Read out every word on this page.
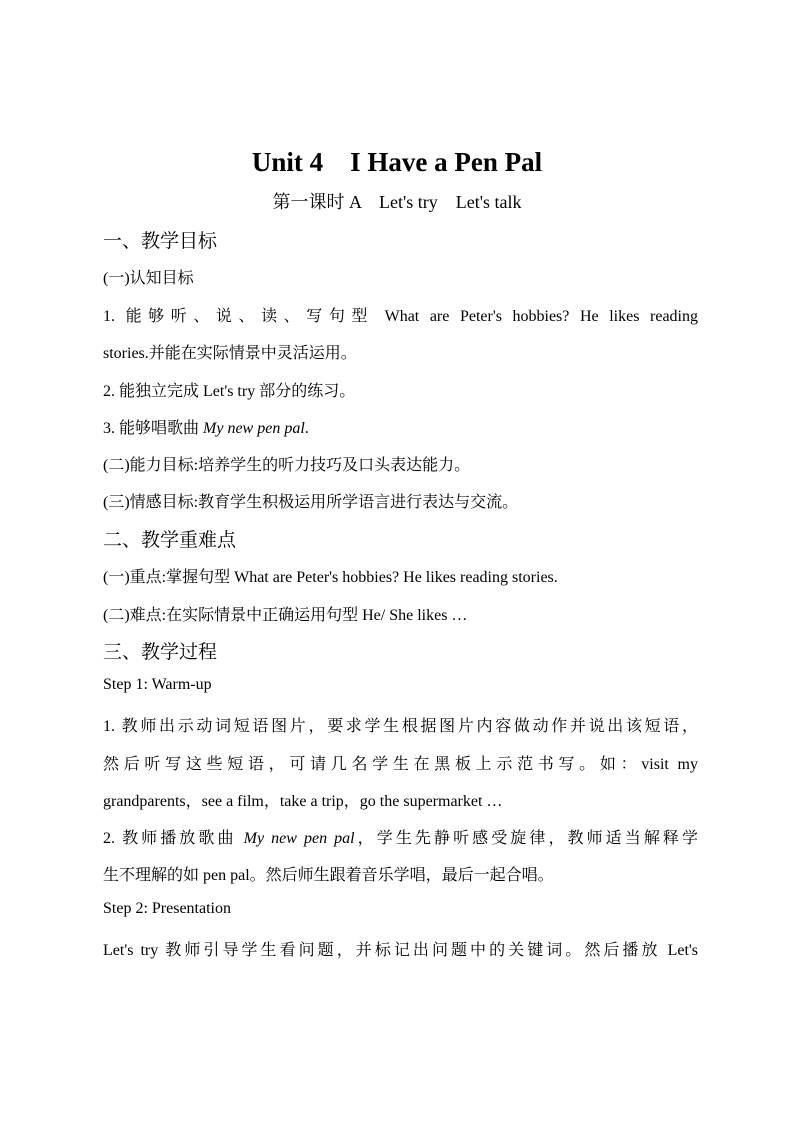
Unit 4　I Have a Pen Pal
第一课时 A　Let's try　Let's talk
一、教学目标
(一)认知目标
1. 能够听、说、读、写句型 What are Peter's hobbies? He likes reading
stories.并能在实际情景中灵活运用。
2. 能独立完成 Let's try 部分的练习。
3. 能够唱歌曲 My new pen pal.
(二)能力目标:培养学生的听力技巧及口头表达能力。
(三)情感目标:教育学生积极运用所学语言进行表达与交流。
二、教学重难点
(一)重点:掌握句型 What are Peter's hobbies? He likes reading stories.
(二)难点:在实际情景中正确运用句型 He/ She likes …
三、教学过程
Step 1: Warm-up
1. 教师出示动词短语图片，要求学生根据图片内容做动作并说出该短语，
然后听写这些短语，可请几名学生在黑板上示范书写。如：visit my
grandparents，see a film，take a trip，go the supermarket …
2. 教师播放歌曲 My new pen pal，学生先静听感受旋律，教师适当解释学
生不理解的如 pen pal。然后师生跟着音乐学唱，最后一起合唱。
Step 2: Presentation
Let's try 教师引导学生看问题，并标记出问题中的关键词。然后播放 Let's
